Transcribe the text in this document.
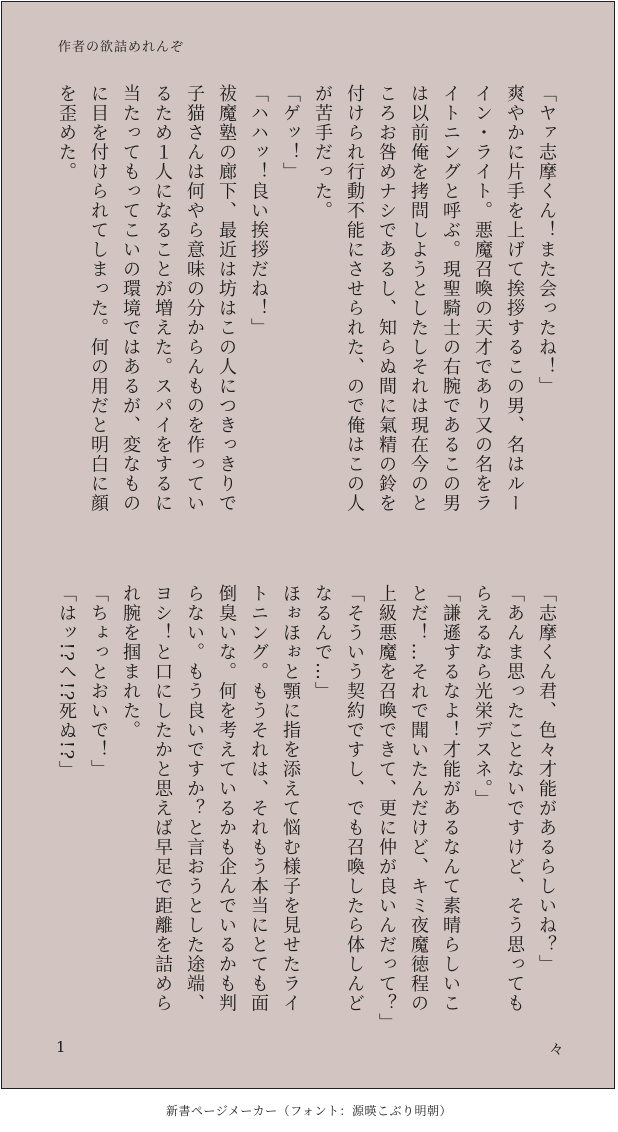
作者の欲詰めれんぞ
「ヤァ志摩くん！また会ったね！」
爽やかに片手を上げて挨拶するこの男、名はルー
イン・ライト。悪魔召喚の天才であり又の名をラ
イトニングと呼ぶ。現聖騎士の右腕であるこの男
は以前俺を拷問しようとしたしそれは現在今のと
ころお咎めナシであるし、知らぬ間に氣精の鈴を
付けられ行動不能にさせられた、ので俺はこの人
が苦手だった。
「ゲッ！」
「ハハッ！良い挨拶だね！」
祓魔塾の廊下、最近は坊はこの人につきっきりで
子猫さんは何やら意味の分からんものを作ってい
るため１人になることが増えた。スパイをするに
当たってもってこいの環境ではあるが、変なもの
に目を付けられてしまった。何の用だと明白に顔
を歪めた。
「志摩くん君、色々才能があるらしいね？」
「あんま思ったことないですけど、そう思っても
らえるなら光栄デスネ。」
「謙遜するなよ！才能があるなんて素晴らしいこ
とだ！…それで聞いたんだけど、キミ夜魔徳程の
上級悪魔を召喚できて、更に仲が良いんだって？」
「そういう契約ですし、でも召喚したら体しんど
なるんで…」
ほぉほぉと顎に指を添えて悩む様子を見せたライ
トニング。もうそれは、それもう本当にとても面
倒臭いな。何を考えているかも企んでいるかも判
らない。もう良いですか？と言おうとした途端、
ヨシ！と口にしたかと思えば早足で距離を詰めら
れ腕を掴まれた。
「ちょっとおいで！」
「はッ!?へ!?死ぬ!?」
1	々
新書ページメーカー（フォント：源暎こぶり明朝）
